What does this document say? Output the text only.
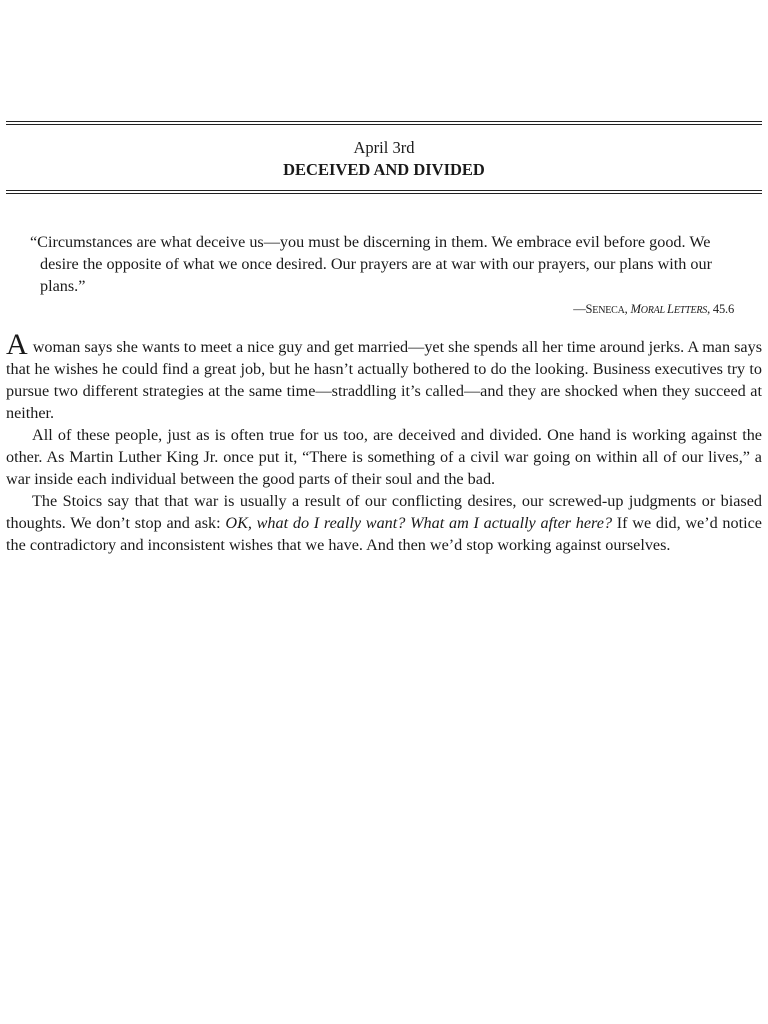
April 3rd
DECEIVED AND DIVIDED

“Circumstances are what deceive us—you must be discerning in them. We embrace evil before good. We desire the opposite of what we once desired. Our prayers are at war with our prayers, our plans with our plans.”

—SENECA, MORAL LETTERS, 45.6

A woman says she wants to meet a nice guy and get married—yet she spends all her time around jerks. A man says that he wishes he could find a great job, but he hasn’t actually bothered to do the looking. Business executives try to pursue two different strategies at the same time—straddling it’s called—and they are shocked when they succeed at neither.

All of these people, just as is often true for us too, are deceived and divided. One hand is working against the other. As Martin Luther King Jr. once put it, “There is something of a civil war going on within all of our lives,” a war inside each individual between the good parts of their soul and the bad.

The Stoics say that that war is usually a result of our conflicting desires, our screwed-up judgments or biased thoughts. We don’t stop and ask: OK, what do I really want? What am I actually after here? If we did, we’d notice the contradictory and inconsistent wishes that we have. And then we’d stop working against ourselves.
